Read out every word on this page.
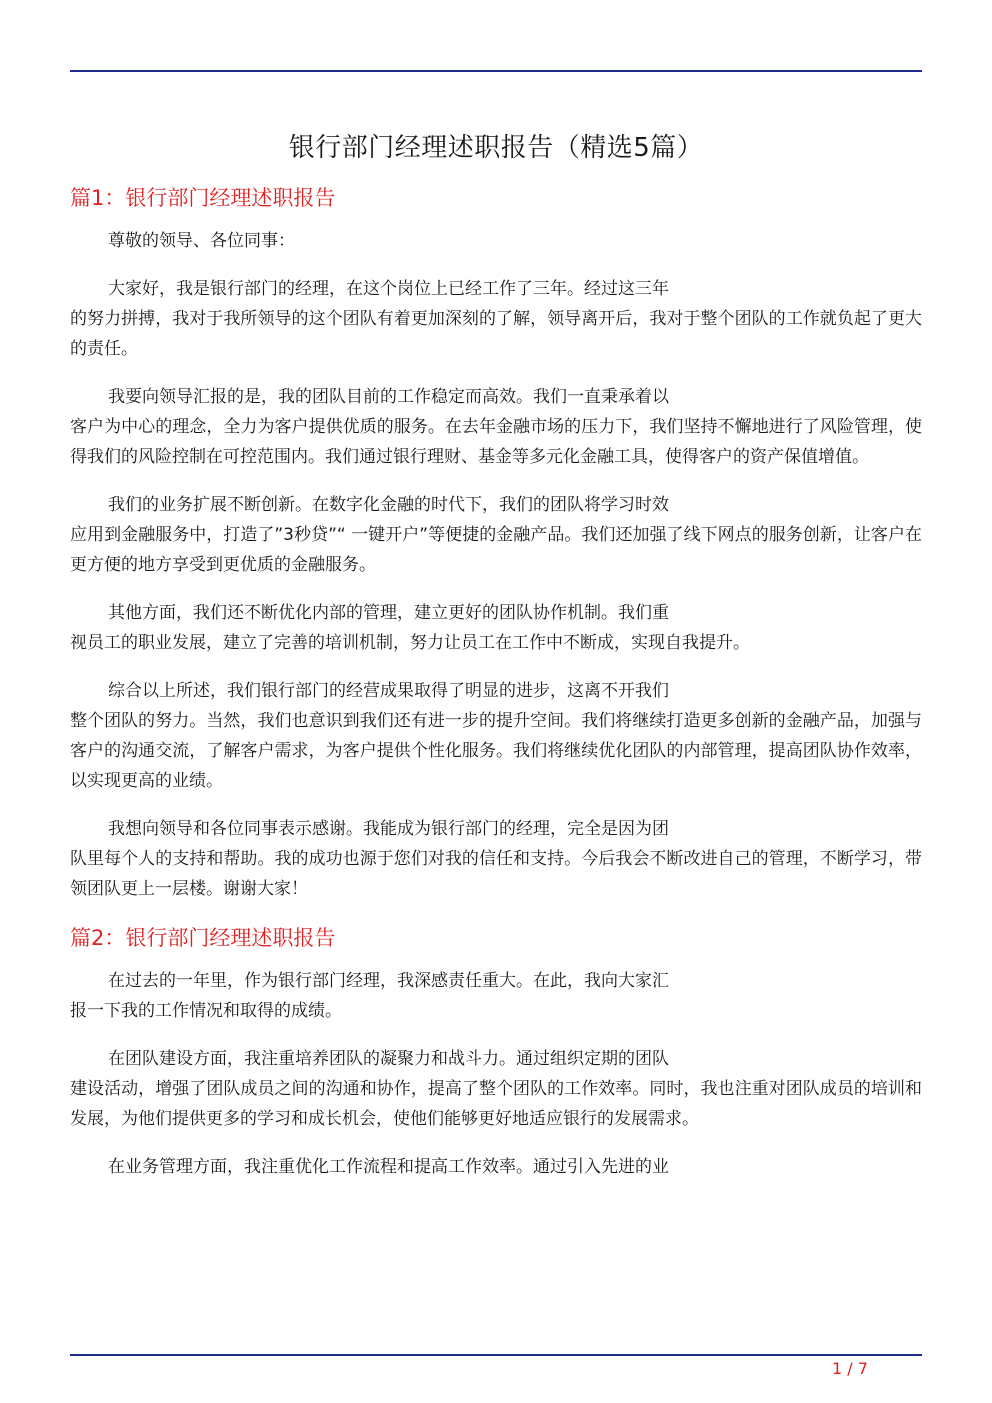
银行部门经理述职报告（精选5篇）
篇1：银行部门经理述职报告

尊敬的领导、各位同事：

大家好，我是银行部门的经理，在这个岗位上已经工作了三年。经过这三年
的努力拼搏，我对于我所领导的这个团队有着更加深刻的了解，领导离开后，我对于整个团队的工作就负起了更大的责任。

我要向领导汇报的是，我的团队目前的工作稳定而高效。我们一直秉承着以
客户为中心的理念，全力为客户提供优质的服务。在去年金融市场的压力下，我们坚持不懈地进行了风险管理，使得我们的风险控制在可控范围内。我们通过银行理财、基金等多元化金融工具，使得客户的资产保值增值。

我们的业务扩展不断创新。在数字化金融的时代下，我们的团队将学习时效
应用到金融服务中，打造了”3秒贷”“ 一键开户”等便捷的金融产品。我们还加强了线下网点的服务创新，让客户在更方便的地方享受到更优质的金融服务。

其他方面，我们还不断优化内部的管理，建立更好的团队协作机制。我们重
视员工的职业发展，建立了完善的培训机制，努力让员工在工作中不断成，实现自我提升。

综合以上所述，我们银行部门的经营成果取得了明显的进步，这离不开我们
整个团队的努力。当然，我们也意识到我们还有进一步的提升空间。我们将继续打造更多创新的金融产品，加强与客户的沟通交流，了解客户需求，为客户提供个性化服务。我们将继续优化团队的内部管理，提高团队协作效率，以实现更高的业绩。

我想向领导和各位同事表示感谢。我能成为银行部门的经理，完全是因为团
队里每个人的支持和帮助。我的成功也源于您们对我的信任和支持。今后我会不断改进自己的管理，不断学习，带领团队更上一层楼。谢谢大家！

篇2：银行部门经理述职报告

在过去的一年里，作为银行部门经理，我深感责任重大。在此，我向大家汇
报一下我的工作情况和取得的成绩。

在团队建设方面，我注重培养团队的凝聚力和战斗力。通过组织定期的团队
建设活动，增强了团队成员之间的沟通和协作，提高了整个团队的工作效率。同时，我也注重对团队成员的培训和发展，为他们提供更多的学习和成长机会，使他们能够更好地适应银行的发展需求。

在业务管理方面，我注重优化工作流程和提高工作效率。通过引入先进的业

1 / 7
